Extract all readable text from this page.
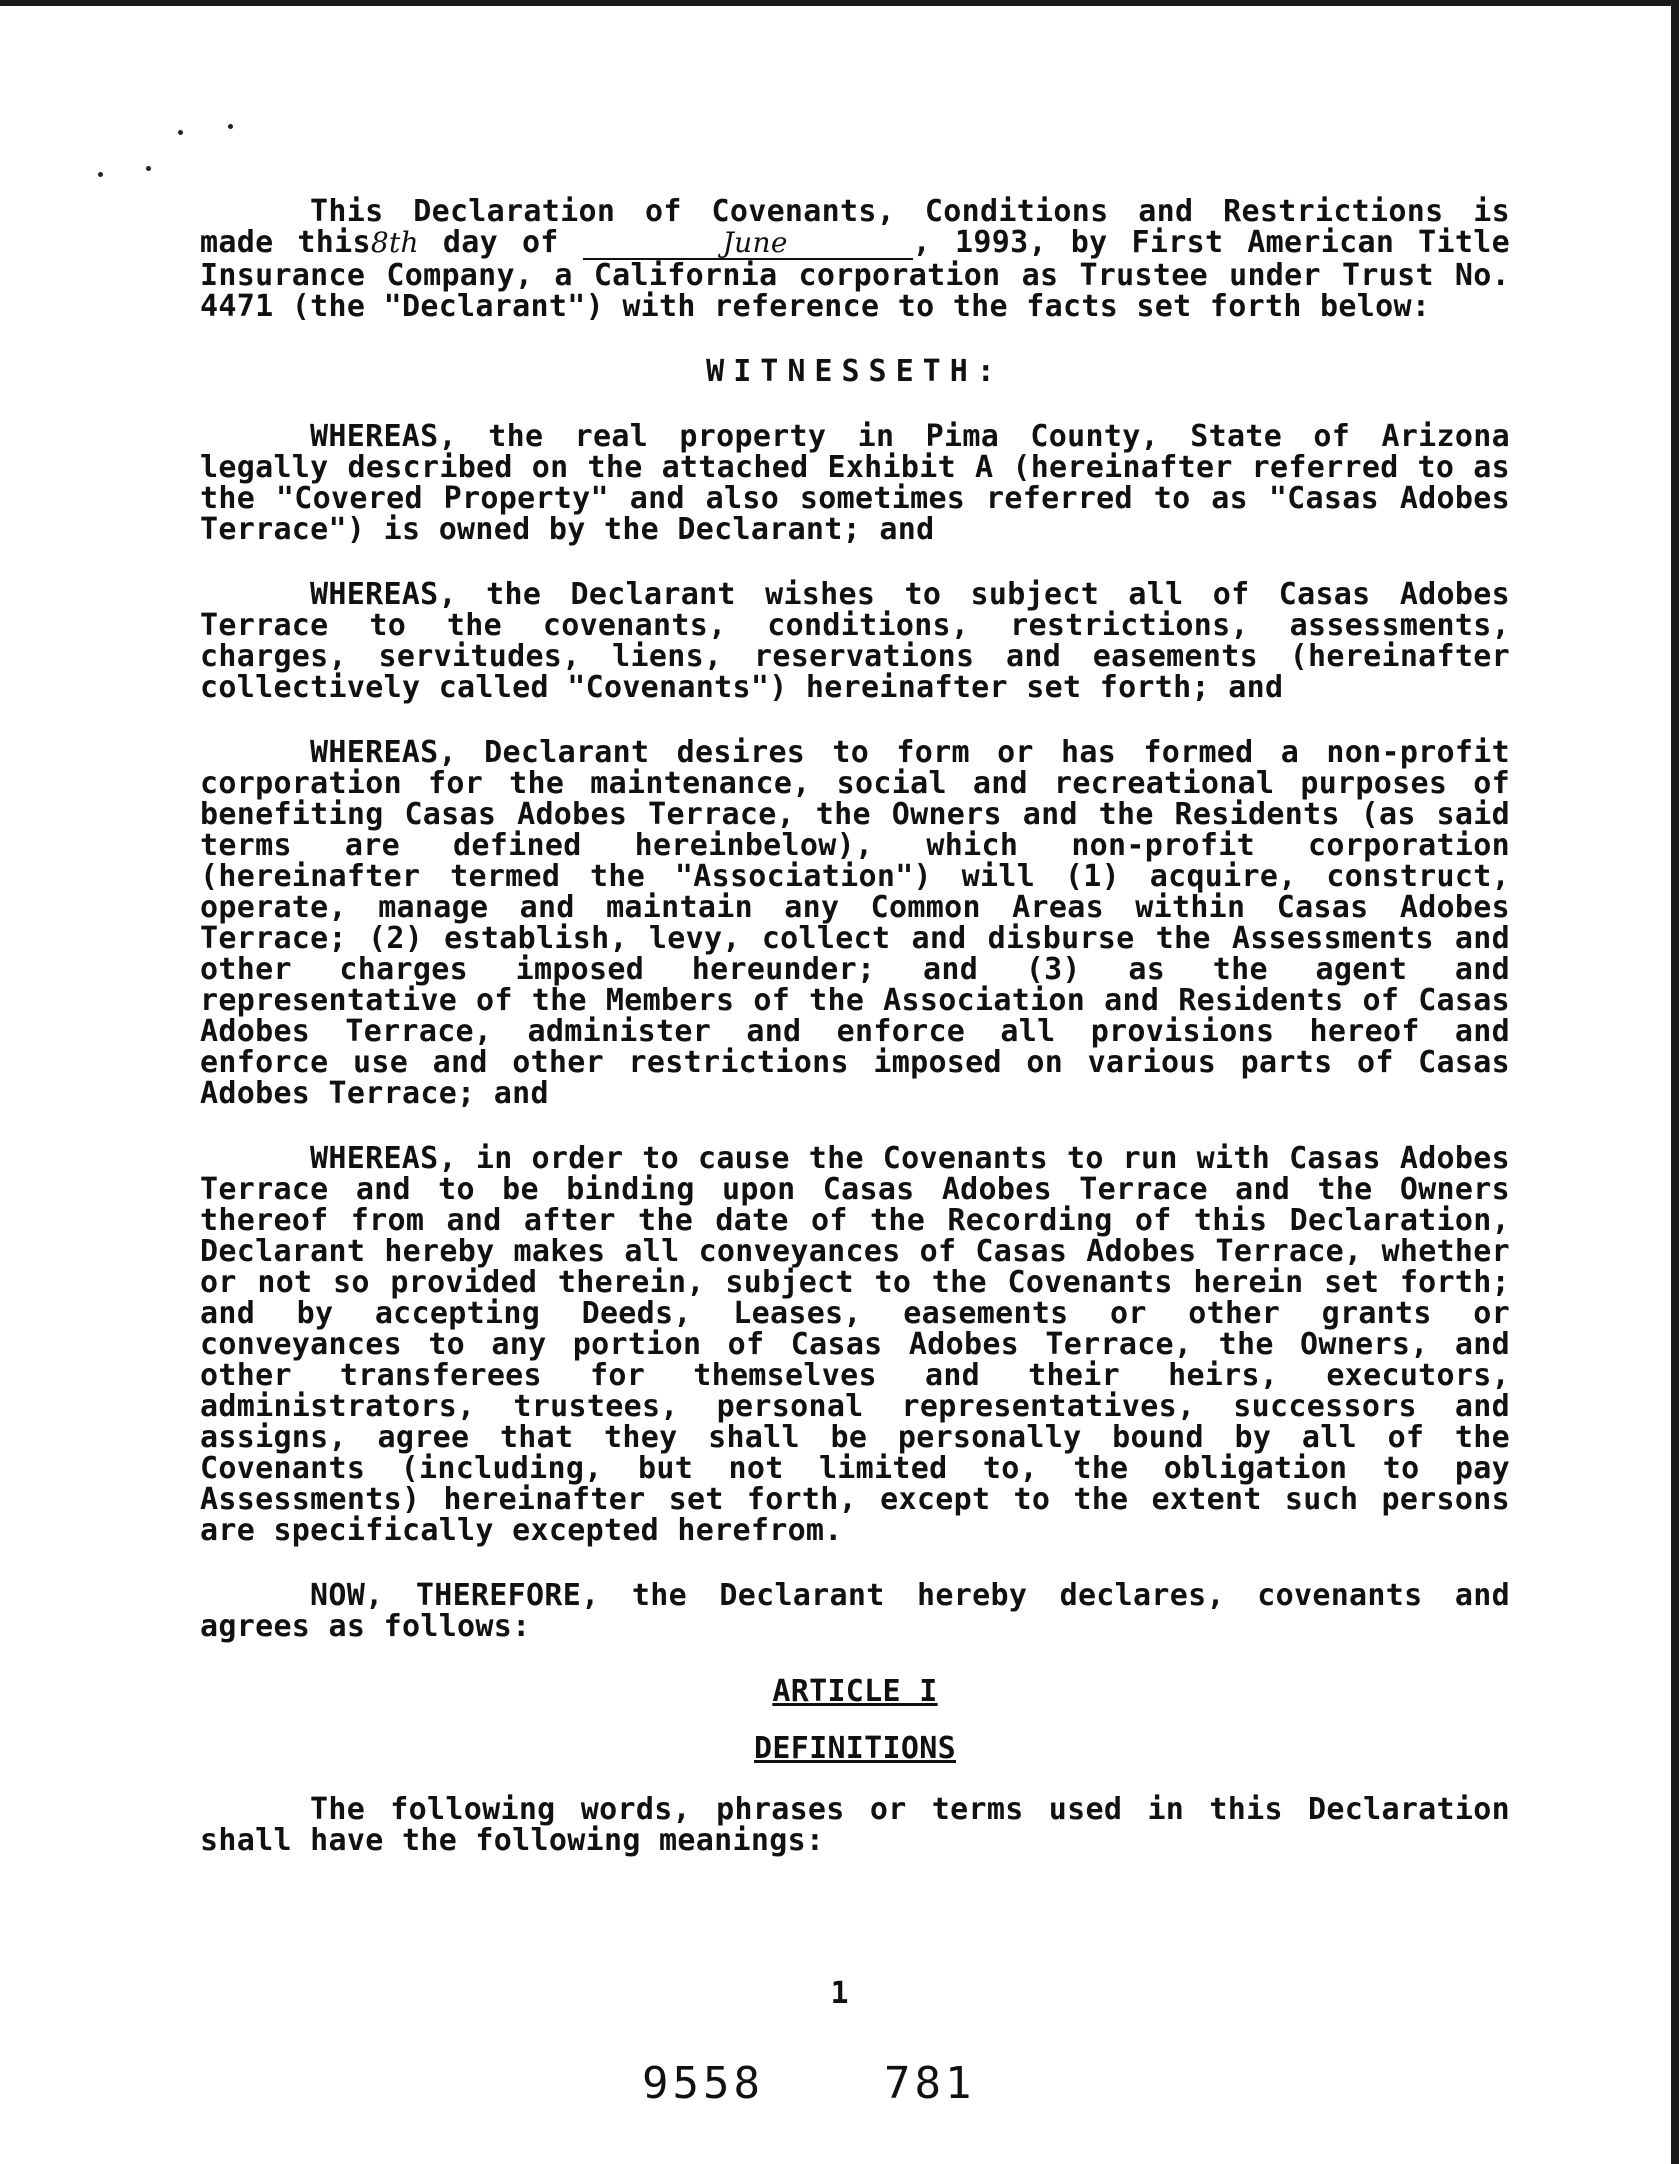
This Declaration of Covenants, Conditions and Restrictions is made this8th day of	June	, 1993, by First American Title Insurance Company, a California corporation as Trustee under Trust No. 4471 (the "Declarant") with reference to the facts set forth below:

WITNESSETH:

WHEREAS, the real property in Pima County, State of Arizona legally described on the attached Exhibit A (hereinafter referred to as the "Covered Property" and also sometimes referred to as "Casas Adobes Terrace") is owned by the Declarant; and

WHEREAS, the Declarant wishes to subject all of Casas Adobes Terrace to the covenants, conditions, restrictions, assessments, charges, servitudes, liens, reservations and easements (hereinafter collectively called "Covenants") hereinafter set forth; and

WHEREAS, Declarant desires to form or has formed a non-profit corporation for the maintenance, social and recreational purposes of benefiting Casas Adobes Terrace, the Owners and the Residents (as said terms are defined hereinbelow), which non-profit corporation (hereinafter termed the "Association") will (1) acquire, construct, operate, manage and maintain any Common Areas within Casas Adobes Terrace; (2) establish, levy, collect and disburse the Assessments and other charges imposed hereunder; and (3) as the agent and representative of the Members of the Association and Residents of Casas Adobes Terrace, administer and enforce all provisions hereof and enforce use and other restrictions imposed on various parts of Casas Adobes Terrace; and

WHEREAS, in order to cause the Covenants to run with Casas Adobes Terrace and to be binding upon Casas Adobes Terrace and the Owners thereof from and after the date of the Recording of this Declaration, Declarant hereby makes all conveyances of Casas Adobes Terrace, whether or not so provided therein, subject to the Covenants herein set forth; and by accepting Deeds, Leases, easements or other grants or conveyances to any portion of Casas Adobes Terrace, the Owners, and other transferees for themselves and their heirs, executors, administrators, trustees, personal representatives, successors and assigns, agree that they shall be personally bound by all of the Covenants (including, but not limited to, the obligation to pay Assessments) hereinafter set forth, except to the extent such persons are specifically excepted herefrom.

NOW, THEREFORE, the Declarant hereby declares, covenants and agrees as follows:

ARTICLE I
DEFINITIONS

The following words, phrases or terms used in this Declaration shall have the following meanings:

1
9558	781
